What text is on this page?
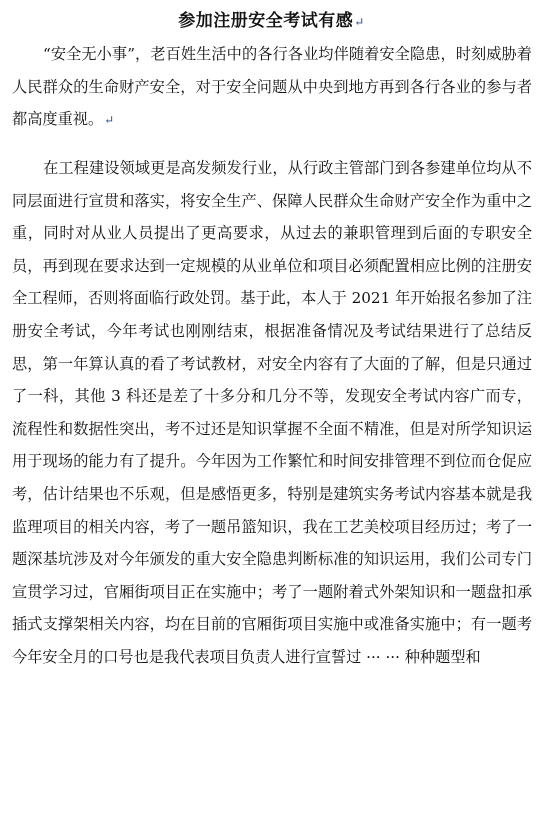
参加注册安全考试有感↵

“安全无小事”，老百姓生活中的各行各业均伴随着安全隐患，时刻威胁着人民群众的生命财产安全，对于安全问题从中央到地方再到各行各业的参与者都高度重视。↵

在工程建设领域更是高发频发行业，从行政主管部门到各参建单位均从不同层面进行宣贯和落实，将安全生产、保障人民群众生命财产安全作为重中之重，同时对从业人员提出了更高要求，从过去的兼职管理到后面的专职安全员，再到现在要求达到一定规模的从业单位和项目必须配置相应比例的注册安全工程师，否则将面临行政处罚。基于此，本人于 2021 年开始报名参加了注册安全考试，今年考试也刚刚结束，根据准备情况及考试结果进行了总结反思，第一年算认真的看了考试教材，对安全内容有了大面的了解，但是只通过了一科，其他 3 科还是差了十多分和几分不等，发现安全考试内容广而专，流程性和数据性突出，考不过还是知识掌握不全面不精准，但是对所学知识运用于现场的能力有了提升。今年因为工作繁忙和时间安排管理不到位而仓促应考，估计结果也不乐观，但是感悟更多，特别是建筑实务考试内容基本就是我监理项目的相关内容，考了一题吊篮知识，我在工艺美校项目经历过；考了一题深基坑涉及对今年颁发的重大安全隐患判断标准的知识运用，我们公司专门宣贯学习过，官厢街项目正在实施中；考了一题附着式外架知识和一题盘扣承插式支撑架相关内容，均在目前的官厢街项目实施中或准备实施中；有一题考今年安全月的口号也是我代表项目负责人进行宣誓过 ··· ··· 种种题型和
